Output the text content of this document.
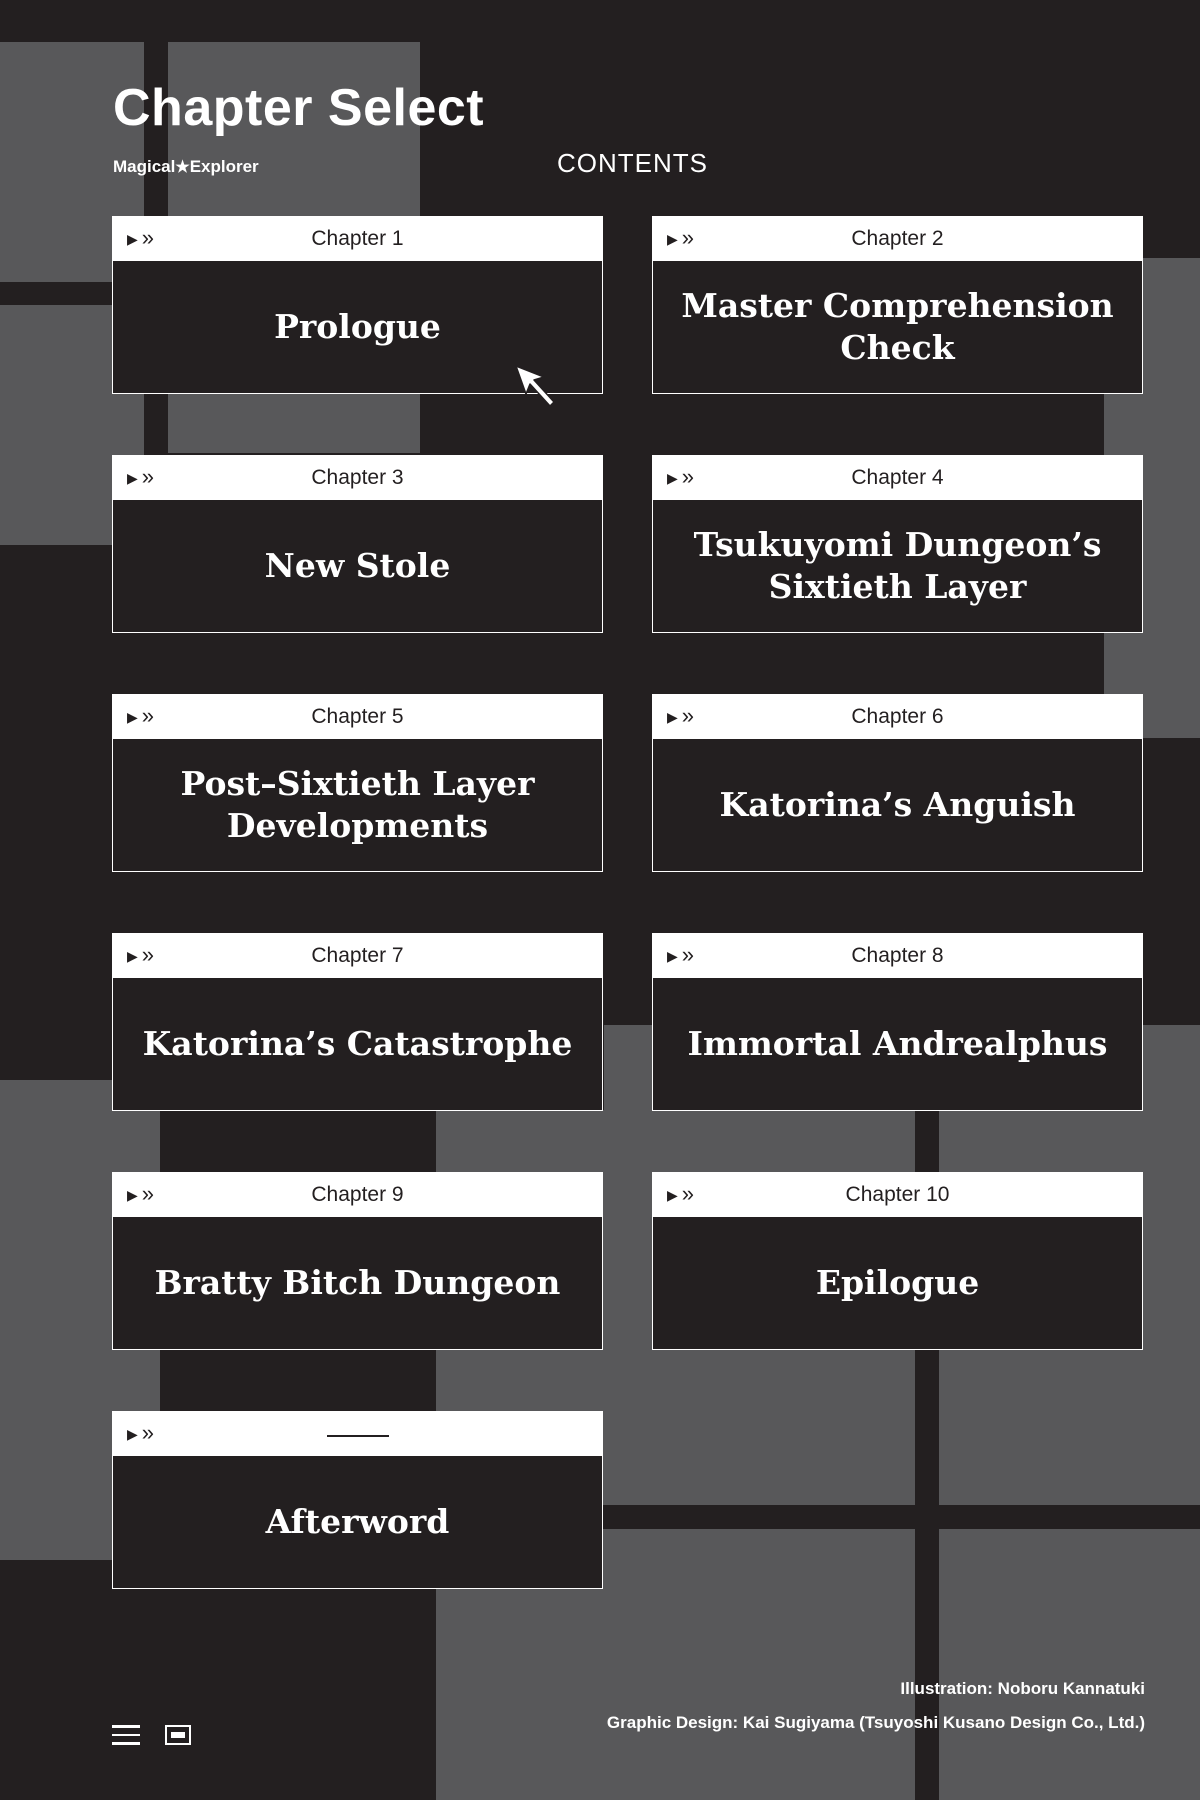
Chapter Select
Magical★Explorer	CONTENTS
▶ »	Chapter 1
Prologue
▶ »	Chapter 2
Master Comprehension Check
▶ »	Chapter 3
New Stole
▶ »	Chapter 4
Tsukuyomi Dungeon’s Sixtieth Layer
▶ »	Chapter 5
Post–Sixtieth Layer Developments
▶ »	Chapter 6
Katorina’s Anguish
▶ »	Chapter 7
Katorina’s Catastrophe
▶ »	Chapter 8
Immortal Andrealphus
▶ »	Chapter 9
Bratty Bitch Dungeon
▶ »	Chapter 10
Epilogue
▶ »
Afterword
Illustration: Noboru Kannatuki
Graphic Design: Kai Sugiyama (Tsuyoshi Kusano Design Co., Ltd.)
